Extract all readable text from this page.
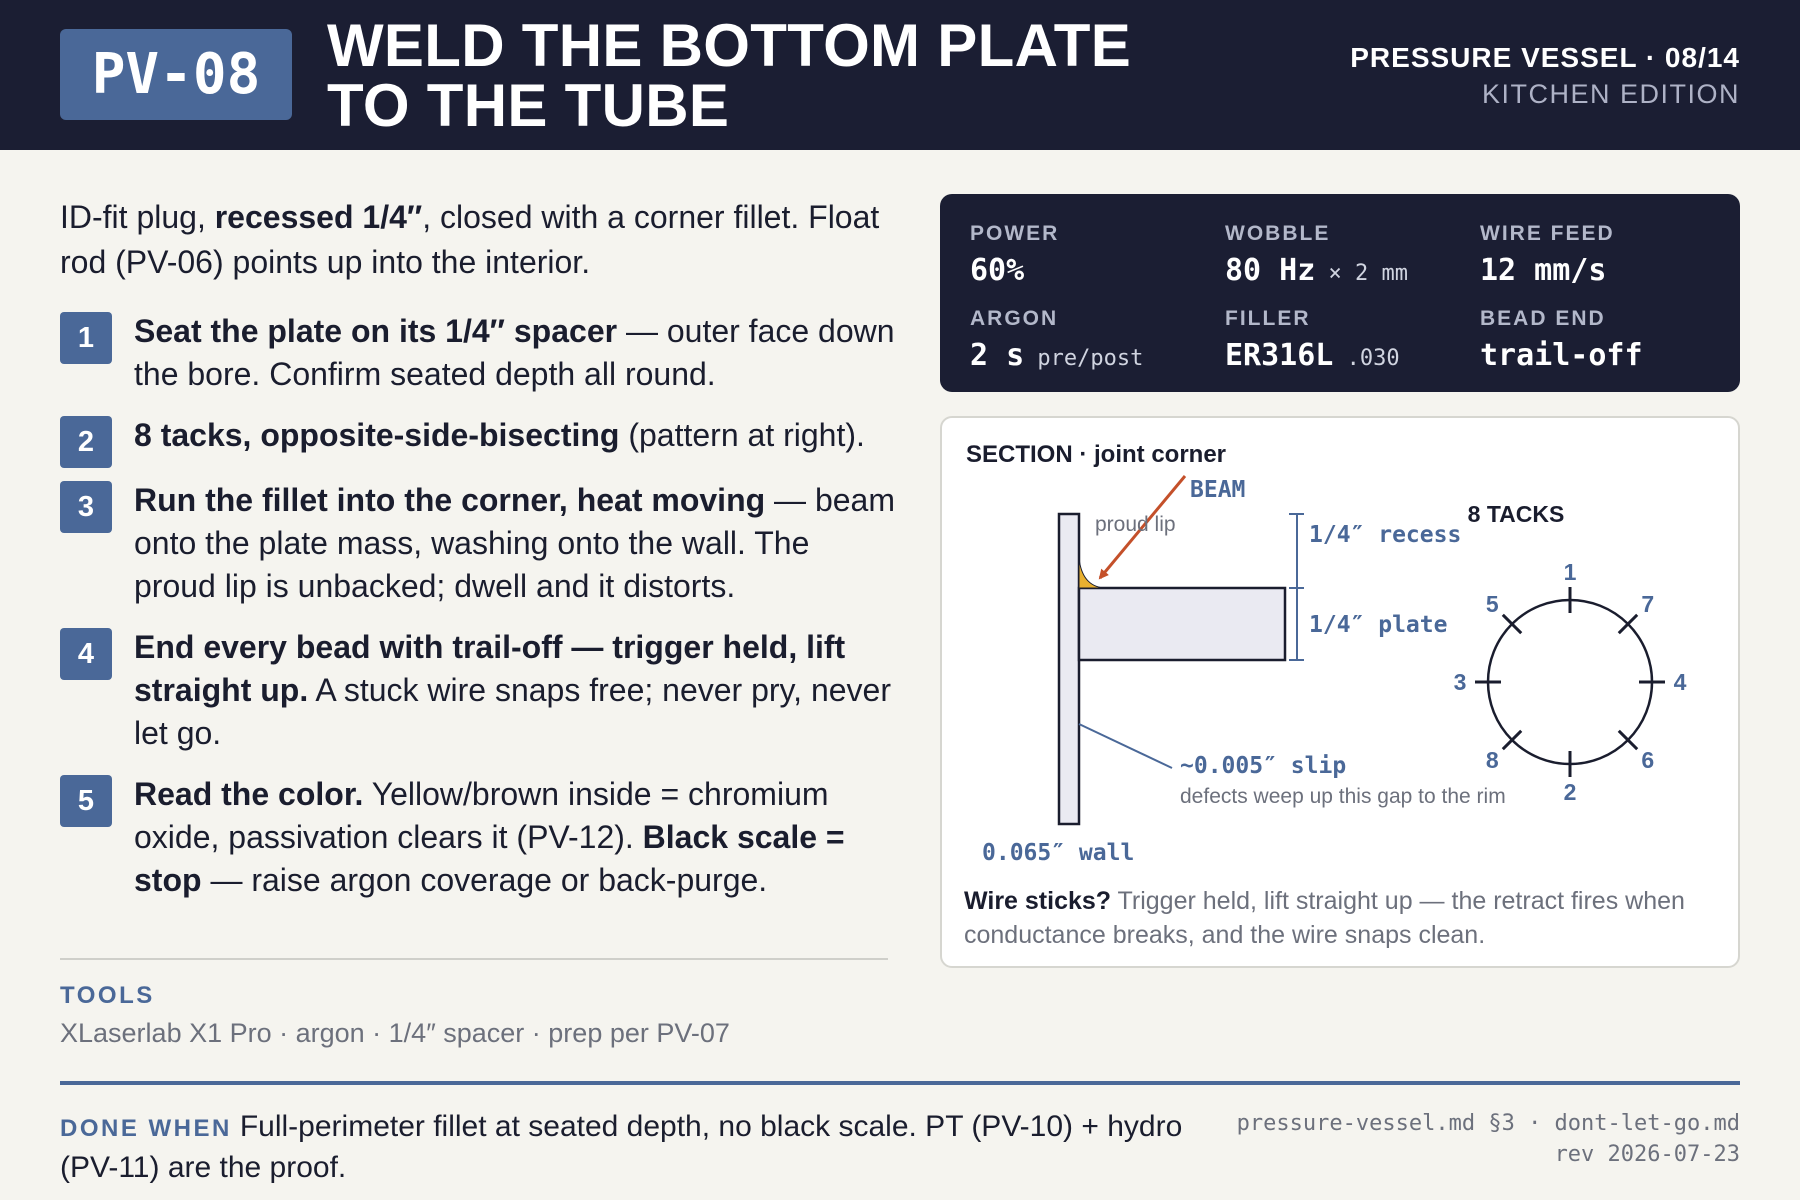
PV-08	WELD THE BOTTOM PLATE
TO THE TUBE
PRESSURE VESSEL · 08/14
KITCHEN EDITION
ID-fit plug, recessed 1/4″, closed with a corner fillet. Float rod (PV-06) points up into the interior.
1	Seat the plate on its 1/4″ spacer — outer face down the bore. Confirm seated depth all round.
2	8 tacks, opposite-side-bisecting (pattern at right).
3	Run the fillet into the corner, heat moving — beam onto the plate mass, washing onto the wall. The proud lip is unbacked; dwell and it distorts.
4	End every bead with trail-off — trigger held, lift straight up. A stuck wire snaps free; never pry, never let go.
5	Read the color. Yellow/brown inside = chromium oxide, passivation clears it (PV-12). Black scale = stop — raise argon coverage or back-purge.
TOOLS
XLaserlab X1 Pro · argon · 1/4″ spacer · prep per PV-07
POWER
60%
WOBBLE
80 Hz × 2 mm
WIRE FEED
12 mm/s
ARGON
2 s pre/post
FILLER
ER316L .030
BEAD END
trail-off
SECTION · joint corner
BEAM
proud lip	1/4″ recess
1/4″ plate
~0.005″ slip
defects weep up this gap to the rim
0.065″ wall
8 TACKS
1
2
3	4
5
6
7
8
Wire sticks? Trigger held, lift straight up — the retract fires when conductance breaks, and the wire snaps clean.
DONE WHEN Full-perimeter fillet at seated depth, no black scale. PT (PV-10) + hydro (PV-11) are the proof.
pressure-vessel.md §3 · dont-let-go.md
rev 2026-07-23
